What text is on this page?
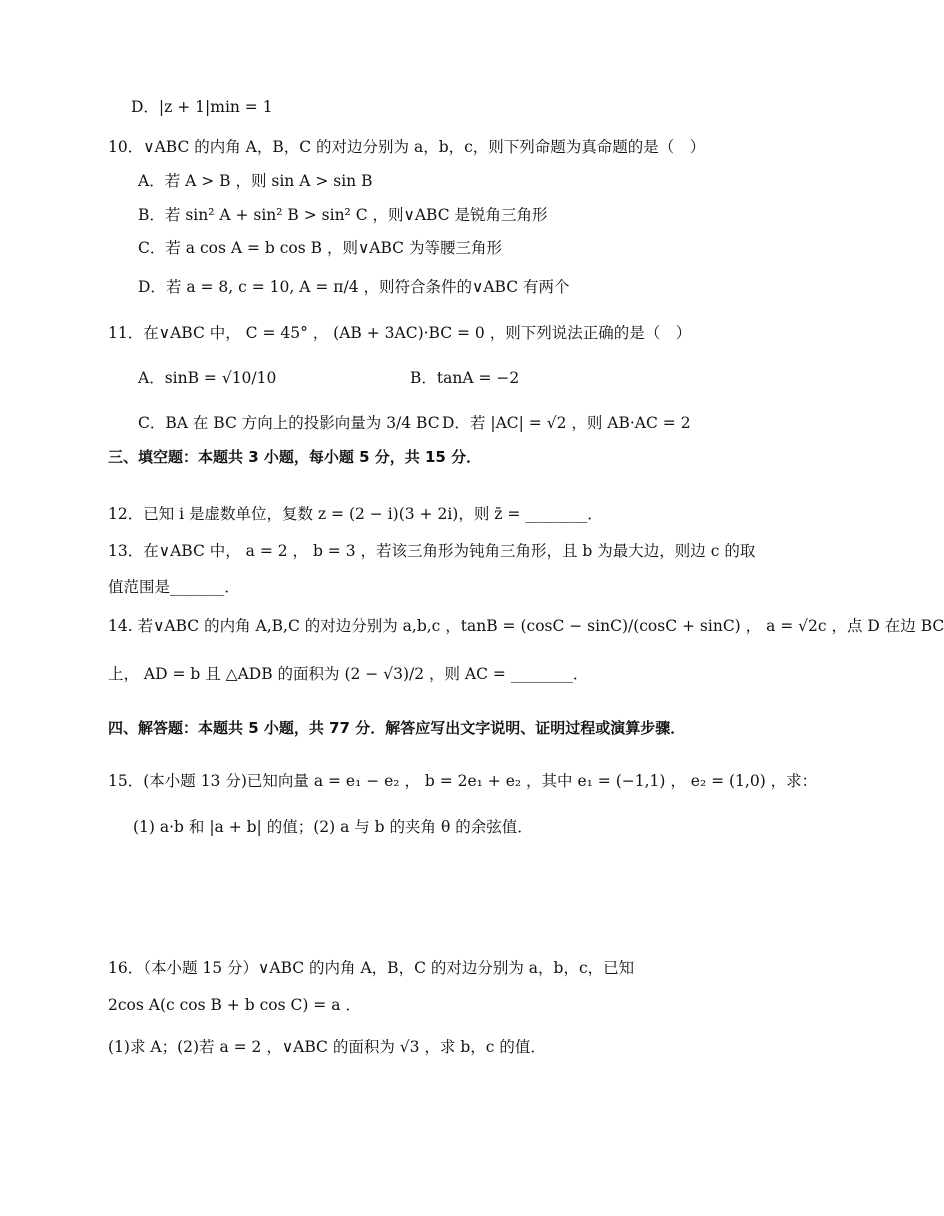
D．|z + 1|min = 1
10．∨ABC 的内角 A，B，C 的对边分别为 a，b，c，则下列命题为真命题的是（　）
A．若 A > B ，则 sin A > sin B
B．若 sin² A + sin² B > sin² C ，则∨ABC 是锐角三角形
C．若 a cos A = b cos B ，则∨ABC 为等腰三角形
D．若 a = 8, c = 10, A = π/4 ，则符合条件的∨ABC 有两个
11．在∨ABC 中， C = 45° ， (AB + 3AC)·BC = 0 ，则下列说法正确的是（　）
A．sinB = √10/10	B．tanA = −2
C．BA 在 BC 方向上的投影向量为 3/4 BC D．若 |AC| = √2 ，则 AB·AC = 2
三、填空题：本题共 3 小题，每小题 5 分，共 15 分．
12．已知 i 是虚数单位，复数 z = (2 − i)(3 + 2i)，则 z̄ = ________．
13．在∨ABC 中， a = 2 ， b = 3 ，若该三角形为钝角三角形，且 b 为最大边，则边 c 的取
值范围是_______．
14. 若∨ABC 的内角 A,B,C 的对边分别为 a,b,c ，tanB = (cosC − sinC)/(cosC + sinC) ， a = √2c ，点 D 在边 BC
上， AD = b 且 △ADB 的面积为 (2 − √3)/2 ，则 AC = ________．
四、解答题：本题共 5 小题，共 77 分．解答应写出文字说明、证明过程或演算步骤．
15．(本小题 13 分)已知向量 a = e₁ − e₂ ， b = 2e₁ + e₂ ，其中 e₁ = (−1,1) ， e₂ = (1,0) ，求：
(1) a·b 和 |a + b| 的值；(2) a 与 b 的夹角 θ 的余弦值．
16．（本小题 15 分）∨ABC 的内角 A，B，C 的对边分别为 a，b，c，已知
2cos A(c cos B + b cos C) = a ．
(1)求 A；(2)若 a = 2 ，∨ABC 的面积为 √3 ，求 b，c 的值．
